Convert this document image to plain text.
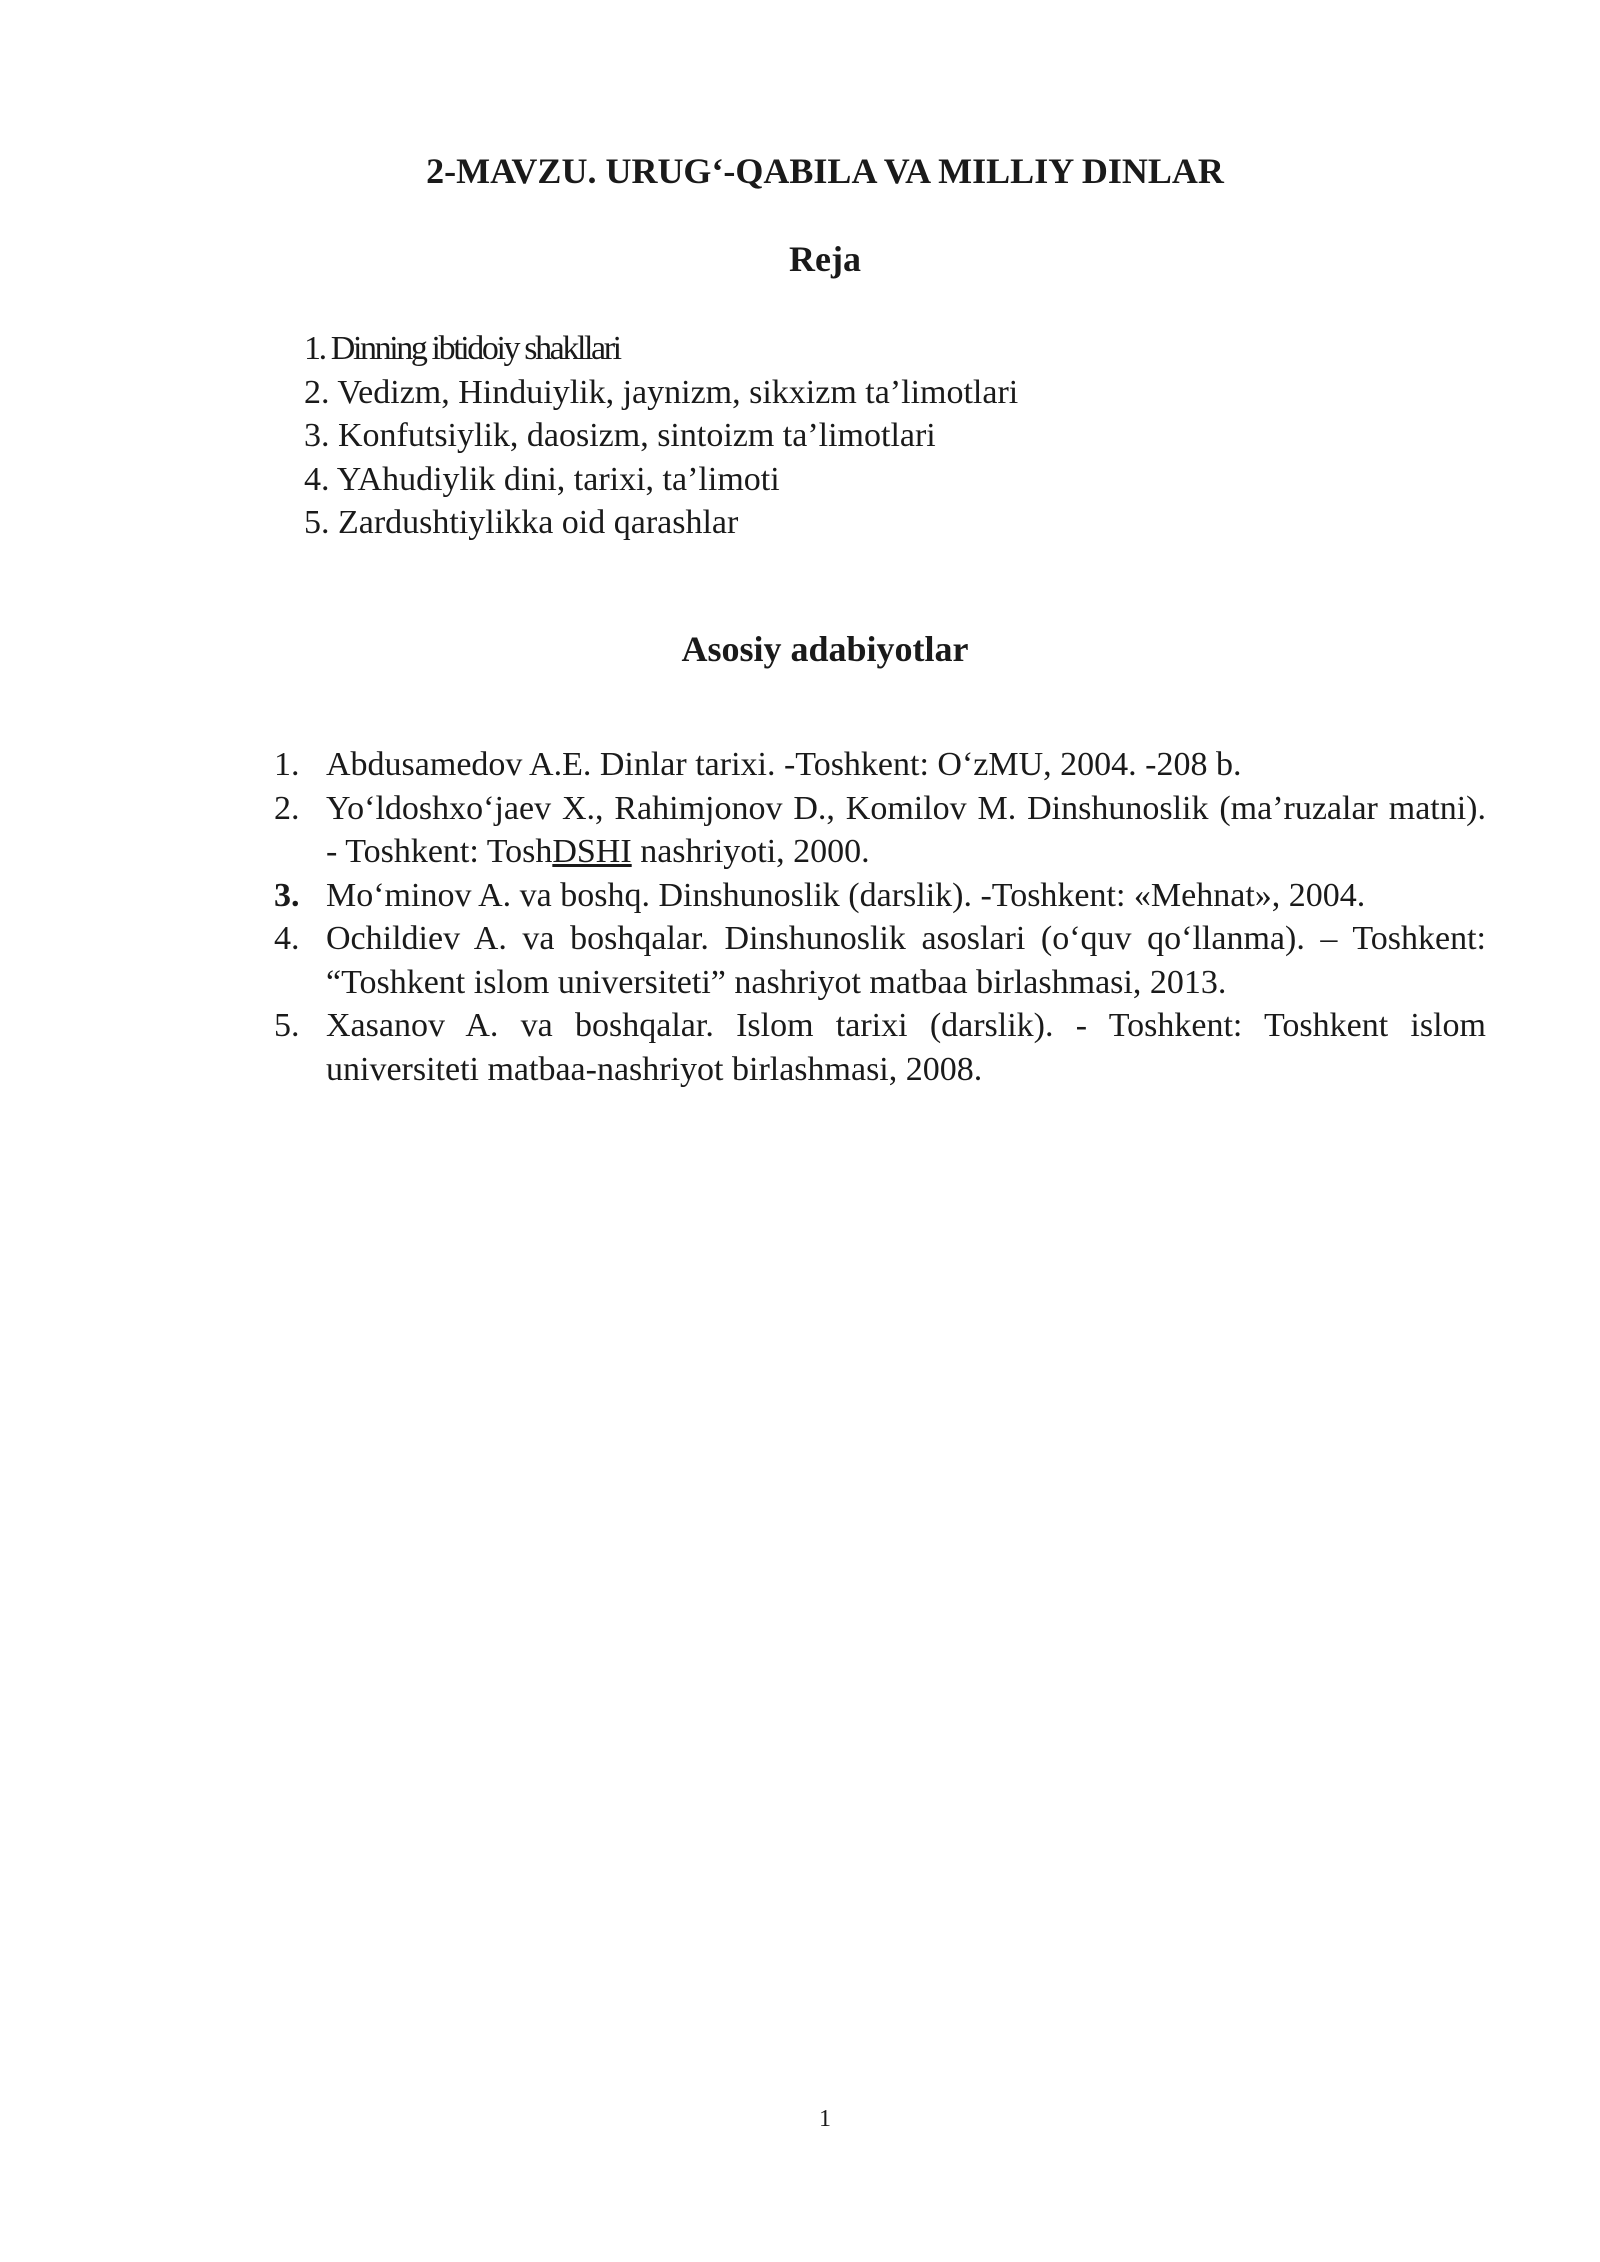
2-MAVZU. URUG‘-QABILA VA MILLIY DINLAR
Reja
1. Dinning ibtidoiy shakllari
2. Vedizm, Hinduiylik, jaynizm, sikxizm ta’limotlari
3. Konfutsiylik, daosizm, sintoizm ta’limotlari
4. YAhudiylik dini, tarixi, ta’limoti
5. Zardushtiylikka oid qarashlar
Asosiy adabiyotlar
1. Abdusamedov A.E. Dinlar tarixi. -Toshkent: O‘zMU, 2004. -208 b.
2. Yo‘ldoshxo‘jaev X., Rahimjonov D., Komilov M. Dinshunoslik (ma’ruzalar matni). - Toshkent: ToshDSHI nashriyoti, 2000.
3. Mo‘minov A. va boshq. Dinshunoslik (darslik). -Toshkent: «Mehnat», 2004.
4. Ochildiev A. va boshqalar. Dinshunoslik asoslari (o‘quv qo‘llanma). – Toshkent: “Toshkent islom universiteti” nashriyot matbaa birlashmasi, 2013.
5. Xasanov A. va boshqalar. Islom tarixi (darslik). - Toshkent: Toshkent islom universiteti matbaa-nashriyot birlashmasi, 2008.
1
